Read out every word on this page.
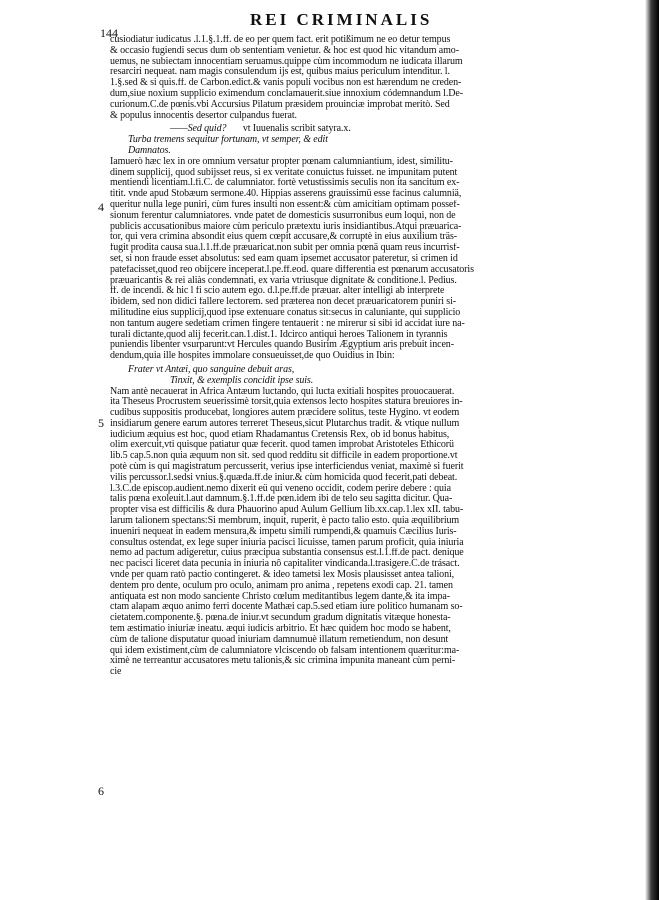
144
REI CRIMINALIS
4
5
6
cusiodiatur iudicatus .l.1.§.1.ff. de eo per quem fact. erit potißimum ne eo detur tempus
& occasio fugiendi secus dum ob sententiam venietur. & hoc est quod hic vitandum amo-
uemus, ne subiectam innocentiam seruamus.quippe cùm incommodum ne iudicata illarum
resarciri nequeat. nam magis consulendum ijs est, quibus maius periculum intenditur. l.
1.§.sed & si quis.ff. de Carbon.edict.& vanis populi vocibus non est hærendum ne creden-
dum,siue noxium supplicio eximendum conclamauerit.siue innoxium códemnandum l.De-
curionum.C.de pœnis.vbi Accursius Pilatum præsidem prouinciæ improbat meritò. Sed
& populus innocentis desertor culpandus fuerat.
——Sed quid? vt Iuuenalis scribit satyra.x.
Turba tremens sequitur fortunam, vt semper, & edit
Damnatos.
Iamuerò hæc lex in ore omnium versatur propter pœnam calumniantium, idest, similitu-
dinem supplicij, quod subijsset reus, si ex veritate conuictus fuisset. ne impunitam putent
mentiendi licentiam.l.fi.C. de calumniator. fortè vetustissimis seculis non ita sancitum ex-
titit. vnde apud Stobæum sermone.40. Hippias asserens grauissimü esse facinus calumniä,
queritur nulla lege puniri, cùm fures insulti non essent:& cùm amicitiam optimam possef-
sionum ferentur calumniatores. vnde patet de domesticis susurronibus eum loqui, non de
publicis accusationibus maiore cùm periculo prætextu iuris insidiantibus.Atqui præuarica-
tor, qui vera crimina absondit eius quem cœpit accusare,& corruptè in eius auxilium träs-
fugit prodita causa sua.l.1.ff.de præuaricat.non subit per omnia pœnä quam reus incurrisf-
set, si non fraude esset absolutus: sed eam quam ipsemet accusator pateretur, si crimen id
patefacisset,quod reo obijcere inceperat.l.pe.ff.eod. quare differentia est pœnarum accusatoris
præuaricantis & rei aliàs condemnati, ex varia vtriusque dignitate & conditione.l. Pedius.
ff. de incendi. & hic l fi scio autem ego. d.l.pe.ff.de præuar. alter intelligi ab interprete
ibidem, sed non didici fallere lectorem. sed præterea non decet præuaricatorem puniri si-
militudine eius supplicij,quod ipse extenuare conatus sit:secus in caluniante, qui supplicio
non tantum augere sedetiam crimen fingere tentauerit : ne mirerur si sibi id accidat iure na-
turali dictante,quod alij fecerit.can.1.dist.1. Idcirco antiqui heroes Talionem in tyrannis
puniendis libenter vsurparunt:vt Hercules quando Busirim Ægyptium aris prebuit incen-
dendum,quia ille hospites immolare consueuisset,de quo Ouidius in Ibin:
Frater vt Antæi, quo sanguine debuit aras,
Tinxit, & exemplis concidit ipse suis.
Nam antè necauerat in Africa Antæum luctando, qui lucta exitiali hospites prouocauerat.
ita Theseus Procrustem seuerissimè torsit,quia extensos lecto hospites statura breuiores in-
cudibus suppositis producebat, longiores autem præcidere solitus, teste Hygino. vt eodem
insidiarum genere earum autores terreret Theseus,sicut Plutarchus tradit. & vtique nullum
iudicium æquius est hoc, quod etiam Rhadamantus Cretensis Rex, ob id bonus habitus,
olim exercuit,vti quisque patiatur quæ fecerit. quod tamen improbat Aristoteles Ethicorü
lib.5 cap.5.non quia æquum non sit. sed quod redditu sit difficile in eadem proportione.vt
potè cùm is qui magistratum percusserit, verius ipse interficiendus veniat, maximè si fuerit
vilis percussor.l.sedsi vnius.§.quæda.ff.de iniur.& cùm homicida quod fecerit,pati debeat.
l.3.C.de episcop.audient.nemo dixerit eü qui veneno occidit, codem perire debere : quia
talis pœna exoleuit.l.aut damnum.§.1.ff.de pœn.idem ibi de telo seu sagitta dicitur. Qua-
propter visa est difficilis & dura Phauorino apud Aulum Gellium lib.xx.cap.1.lex xII. tabu-
larum talionem spectans:Si membrum, inquit, ruperit, è pacto talio esto. quia æquilibrium
inueniri nequeat in eadem mensura,& impetu simili rumpendi,& quamuis Cæcilius Iuris-
consultus ostendat, ex lege super iniuria pacisci licuisse, tamen parum proficit, quia iniuria
nemo ad pactum adigeretur, cuius præcipua substantia consensus est.l.1.ff.de pact. denique
nec pacisci liceret data pecunia in iniuria nô capitaliter vindicanda.l.trasigere.C.de trásact.
vnde per quam ratò pactio contingeret. & ideo tametsi lex Mosis plausisset antea talioni,
dentem pro dente, oculum pro oculo, animam pro anima , repetens exodi cap. 21. tamen
antiquata est non modo sanciente Christo cœlum meditantibus legem dante,& ita impa-
ctam alapam æquo animo ferri docente Mathæi cap.5.sed etiam iure politico humanam so-
cietatem.componente.§. pœna.de iniur.vt secundum gradum dignitatis vitæque honesta-
tem æstimatio iniuriæ ineatu. æqui iudicis arbitrio. Et hæc quidem hoc modo se habent,
cùm de talione disputatur quoad iniuriam damnumuè illatum remetiendum, non desunt
qui idem existiment,cùm de calumniatore vlciscendo ob falsam intentionem quæritur:ma-
ximè ne terreantur accusatores metu talionis,& sic crimina impunita maneant cùm perni-
cie
